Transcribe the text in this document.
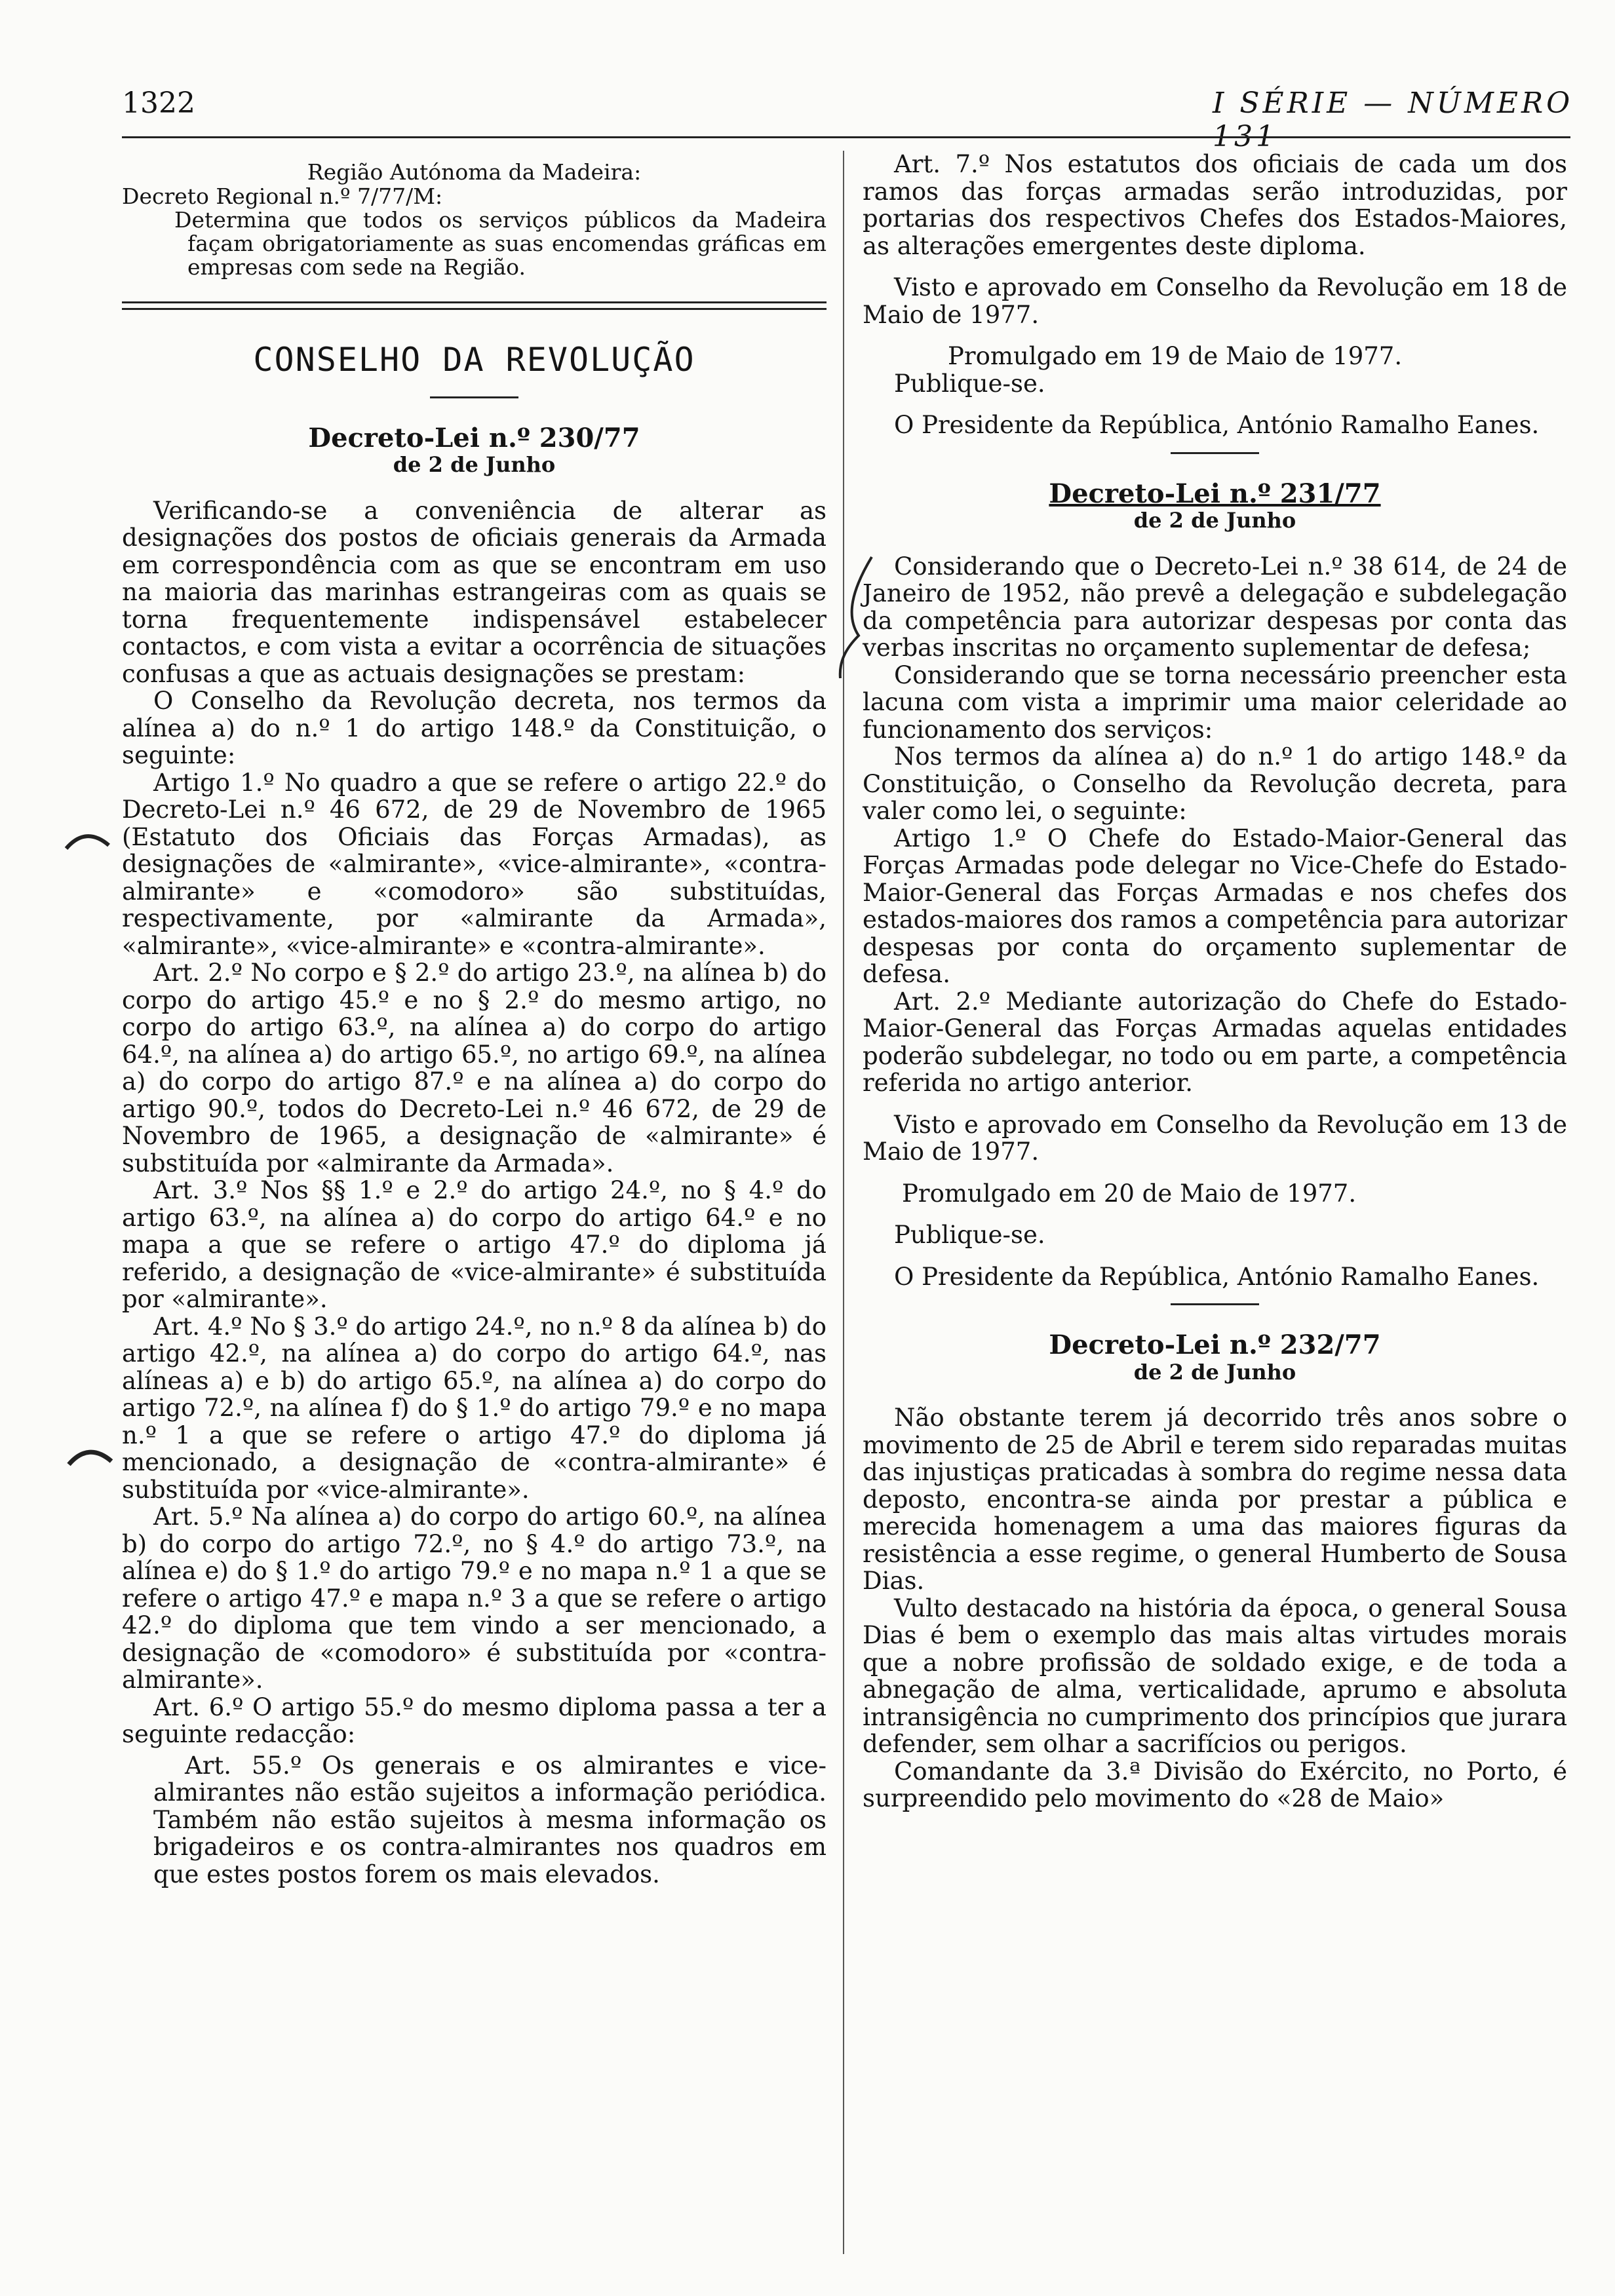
1322	I SÉRIE — NÚMERO 131

Região Autónoma da Madeira:

Decreto Regional n.º 7/77/M:

Determina que todos os serviços públicos da Madeira façam obrigatoriamente as suas encomendas gráficas em empresas com sede na Região.

CONSELHO DA REVOLUÇÃO
Decreto-Lei n.º 230/77
de 2 de Junho

Verificando-se a conveniência de alterar as designações dos postos de oficiais generais da Armada em correspondência com as que se encontram em uso na maioria das marinhas estrangeiras com as quais se torna frequentemente indispensável estabelecer contactos, e com vista a evitar a ocorrência de situações confusas a que as actuais designações se prestam:

O Conselho da Revolução decreta, nos termos da alínea a) do n.º 1 do artigo 148.º da Constituição, o seguinte:

Artigo 1.º No quadro a que se refere o artigo 22.º do Decreto-Lei n.º 46 672, de 29 de Novembro de 1965 (Estatuto dos Oficiais das Forças Armadas), as designações de «almirante», «vice-almirante», «contra-almirante» e «comodoro» são substituídas, respectivamente, por «almirante da Armada», «almirante», «vice-almirante» e «contra-almirante».

Art. 2.º No corpo e § 2.º do artigo 23.º, na alínea b) do corpo do artigo 45.º e no § 2.º do mesmo artigo, no corpo do artigo 63.º, na alínea a) do corpo do artigo 64.º, na alínea a) do artigo 65.º, no artigo 69.º, na alínea a) do corpo do artigo 87.º e na alínea a) do corpo do artigo 90.º, todos do Decreto-Lei n.º 46 672, de 29 de Novembro de 1965, a designação de «almirante» é substituída por «almirante da Armada».

Art. 3.º Nos §§ 1.º e 2.º do artigo 24.º, no § 4.º do artigo 63.º, na alínea a) do corpo do artigo 64.º e no mapa a que se refere o artigo 47.º do diploma já referido, a designação de «vice-almirante» é substituída por «almirante».

Art. 4.º No § 3.º do artigo 24.º, no n.º 8 da alínea b) do artigo 42.º, na alínea a) do corpo do artigo 64.º, nas alíneas a) e b) do artigo 65.º, na alínea a) do corpo do artigo 72.º, na alínea f) do § 1.º do artigo 79.º e no mapa n.º 1 a que se refere o artigo 47.º do diploma já mencionado, a designação de «contra-almirante» é substituída por «vice-almirante».

Art. 5.º Na alínea a) do corpo do artigo 60.º, na alínea b) do corpo do artigo 72.º, no § 4.º do artigo 73.º, na alínea e) do § 1.º do artigo 79.º e no mapa n.º 1 a que se refere o artigo 47.º e mapa n.º 3 a que se refere o artigo 42.º do diploma que tem vindo a ser mencionado, a designação de «comodoro» é substituída por «contra-almirante».

Art. 6.º O artigo 55.º do mesmo diploma passa a ter a seguinte redacção:

Art. 55.º Os generais e os almirantes e vice-almirantes não estão sujeitos a informação periódica. Também não estão sujeitos à mesma informação os brigadeiros e os contra-almirantes nos quadros em que estes postos forem os mais elevados.

Art. 7.º Nos estatutos dos oficiais de cada um dos ramos das forças armadas serão introduzidas, por portarias dos respectivos Chefes dos Estados-Maiores, as alterações emergentes deste diploma.

Visto e aprovado em Conselho da Revolução em 18 de Maio de 1977.

Promulgado em 19 de Maio de 1977.

Publique-se.

O Presidente da República, António Ramalho Eanes.

Decreto-Lei n.º 231/77
de 2 de Junho

Considerando que o Decreto-Lei n.º 38 614, de 24 de Janeiro de 1952, não prevê a delegação e subdelegação da competência para autorizar despesas por conta das verbas inscritas no orçamento suplementar de defesa;

Considerando que se torna necessário preencher esta lacuna com vista a imprimir uma maior celeridade ao funcionamento dos serviços:

Nos termos da alínea a) do n.º 1 do artigo 148.º da Constituição, o Conselho da Revolução decreta, para valer como lei, o seguinte:

Artigo 1.º O Chefe do Estado-Maior-General das Forças Armadas pode delegar no Vice-Chefe do Estado-Maior-General das Forças Armadas e nos chefes dos estados-maiores dos ramos a competência para autorizar despesas por conta do orçamento suplementar de defesa.

Art. 2.º Mediante autorização do Chefe do Estado-Maior-General das Forças Armadas aquelas entidades poderão subdelegar, no todo ou em parte, a competência referida no artigo anterior.

Visto e aprovado em Conselho da Revolução em 13 de Maio de 1977.

Promulgado em 20 de Maio de 1977.

Publique-se.

O Presidente da República, António Ramalho Eanes.

Decreto-Lei n.º 232/77
de 2 de Junho

Não obstante terem já decorrido três anos sobre o movimento de 25 de Abril e terem sido reparadas muitas das injustiças praticadas à sombra do regime nessa data deposto, encontra-se ainda por prestar a pública e merecida homenagem a uma das maiores figuras da resistência a esse regime, o general Humberto de Sousa Dias.

Vulto destacado na história da época, o general Sousa Dias é bem o exemplo das mais altas virtudes morais que a nobre profissão de soldado exige, e de toda a abnegação de alma, verticalidade, aprumo e absoluta intransigência no cumprimento dos princípios que jurara defender, sem olhar a sacrifícios ou perigos.

Comandante da 3.ª Divisão do Exército, no Porto, é surpreendido pelo movimento do «28 de Maio»
